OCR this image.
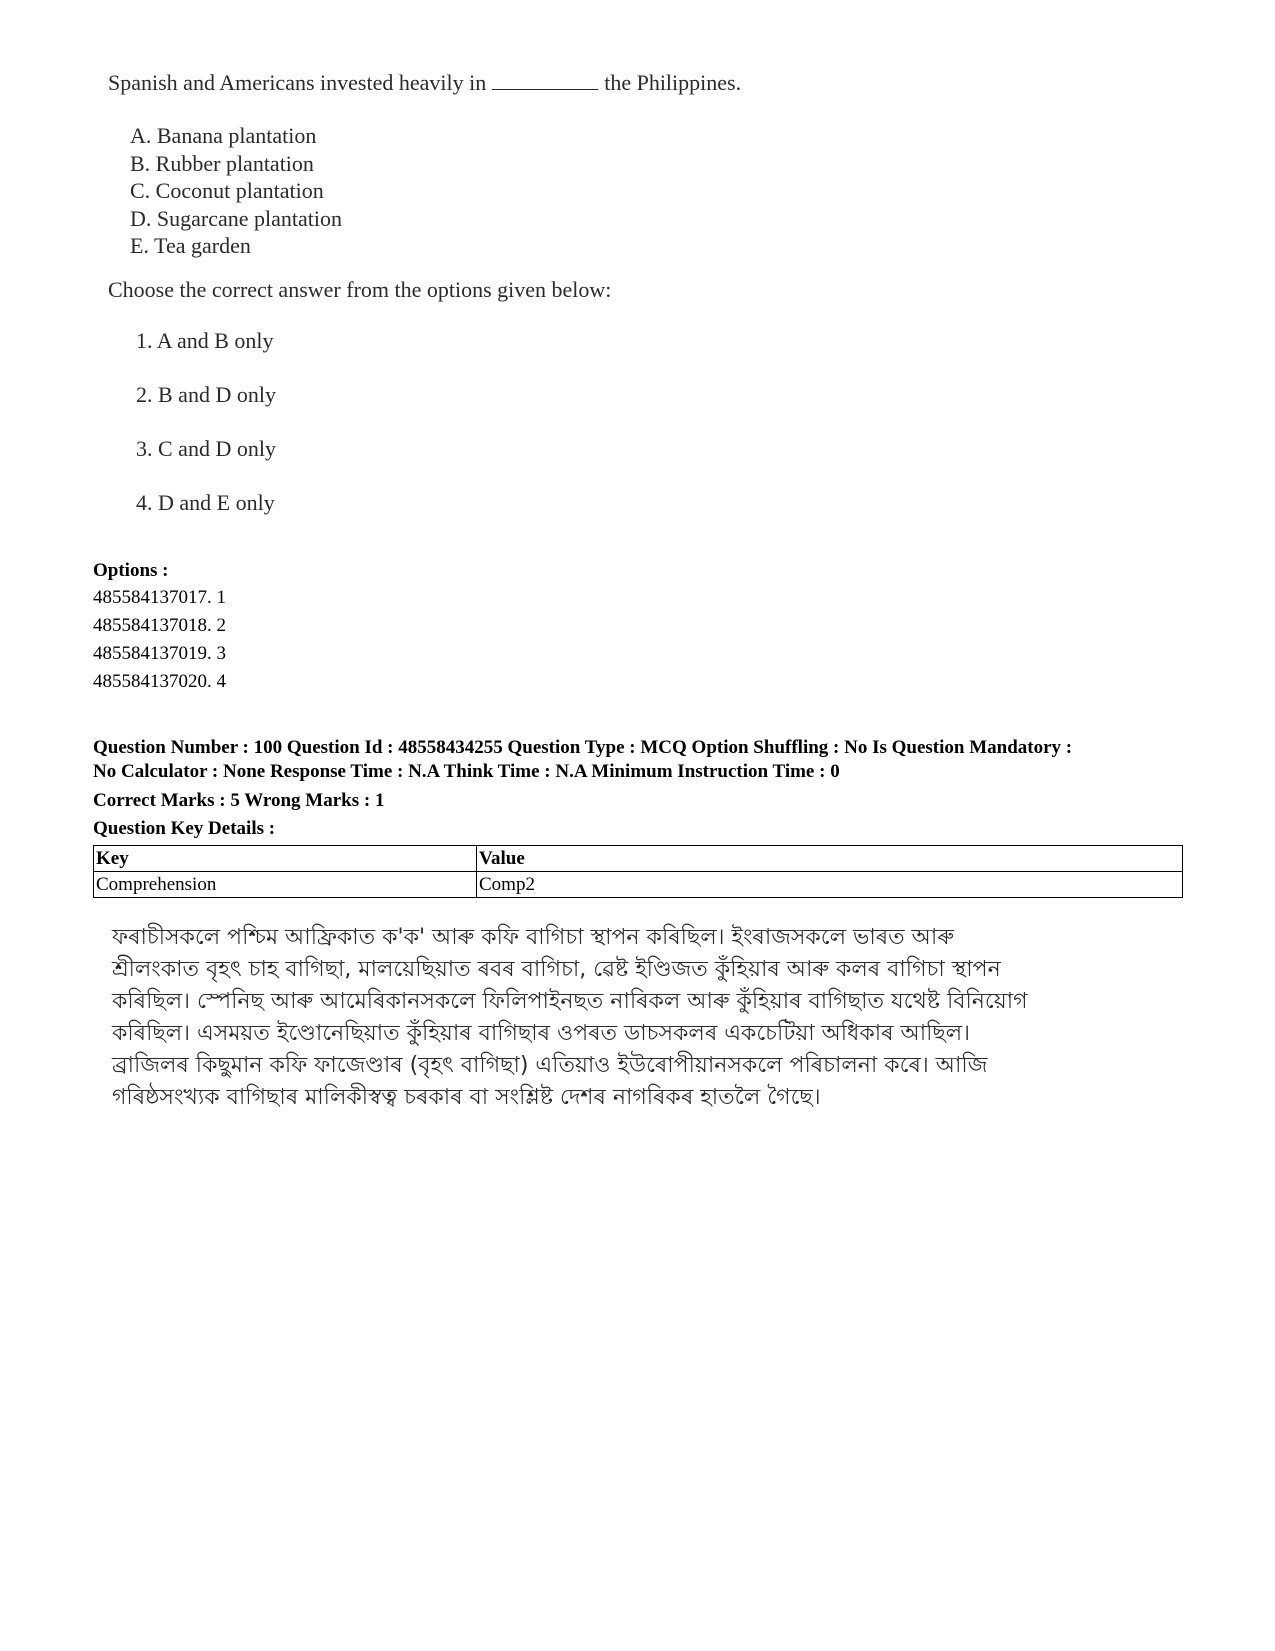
Spanish and Americans invested heavily in	the Philippines.
A. Banana plantation
B. Rubber plantation
C. Coconut plantation
D. Sugarcane plantation
E. Tea garden
Choose the correct answer from the options given below:
1. A and B only
2. B and D only
3. C and D only
4. D and E only
Options :
485584137017. 1
485584137018. 2
485584137019. 3
485584137020. 4
Question Number : 100 Question Id : 48558434255 Question Type : MCQ Option Shuffling : No Is Question Mandatory :
No Calculator : None Response Time : N.A Think Time : N.A Minimum Instruction Time : 0
Correct Marks : 5 Wrong Marks : 1
Question Key Details :
Key	Value
Comprehension	Comp2
ফৰাচীসকলে পশ্চিম আফ্রিকাত ক'ক' আৰু কফি বাগিচা স্থাপন কৰিছিল। ইংৰাজসকলে ভাৰত আৰু
শ্ৰীলংকাত বৃহৎ চাহ বাগিছা, মালয়েছিয়াত ৰবৰ বাগিচা, ৱেষ্ট ইণ্ডিজত কুঁহিয়াৰ আৰু কলৰ বাগিচা স্থাপন
কৰিছিল। স্পেনিছ আৰু আমেৰিকানসকলে ফিলিপাইনছত নাৰিকল আৰু কুঁহিয়াৰ বাগিছাত যথেষ্ট বিনিয়োগ
কৰিছিল। এসময়ত ইণ্ডোনেছিয়াত কুঁহিয়াৰ বাগিছাৰ ওপৰত ডাচসকলৰ একচেটিয়া অধিকাৰ আছিল।
ব্ৰাজিলৰ কিছুমান কফি ফাজেণ্ডাৰ (বৃহৎ বাগিছা) এতিয়াও ইউৰোপীয়ানসকলে পৰিচালনা কৰে। আজি
গৰিষ্ঠসংখ্যক বাগিছাৰ মালিকীস্বত্ব চৰকাৰ বা সংশ্লিষ্ট দেশৰ নাগৰিকৰ হাতলৈ গৈছে।
